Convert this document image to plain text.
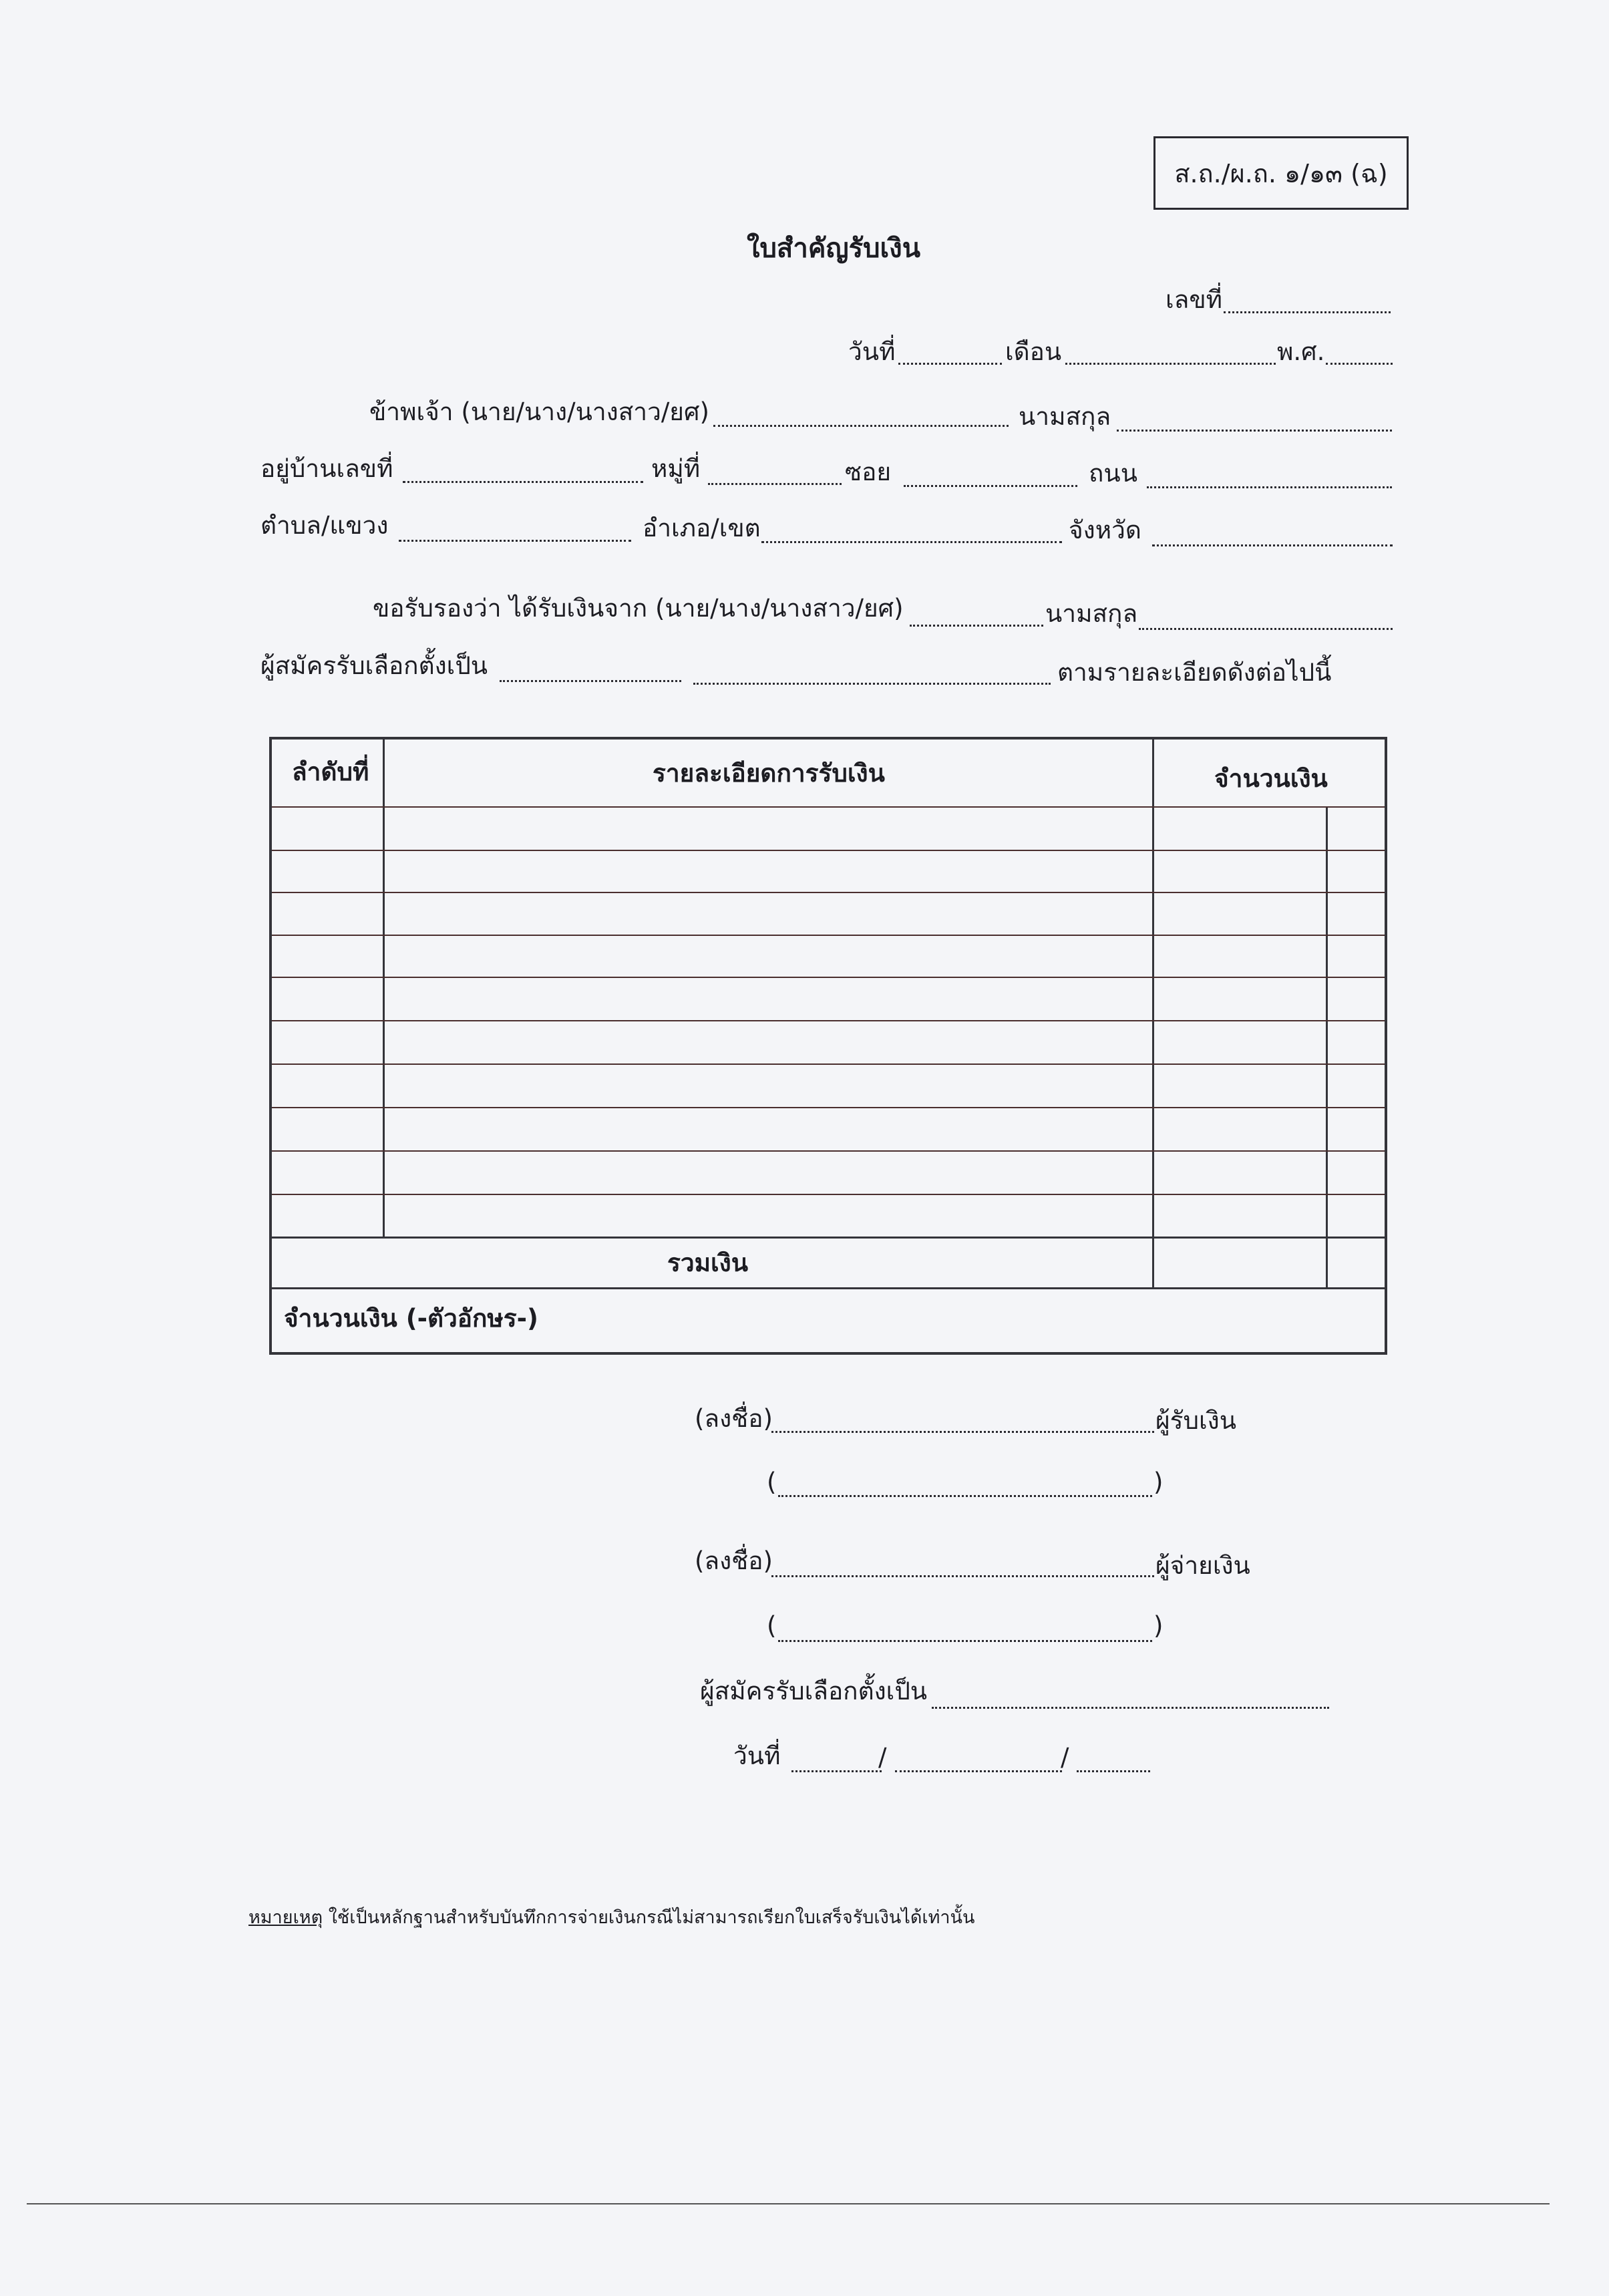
ส.ถ./ผ.ถ. ๑/๑๓ (ฉ)
ใบสำคัญรับเงิน
เลขที่
วันที่	เดือน	พ.ศ.
ข้าพเจ้า (นาย/นาง/นางสาว/ยศ)	นามสกุล
อยู่บ้านเลขที่	หมู่ที่	ซอย	ถนน
ตำบล/แขวง	อำเภอ/เขต	จังหวัด
ขอรับรองว่า ได้รับเงินจาก (นาย/นาง/นางสาว/ยศ)	นามสกุล
ผู้สมัครรับเลือกตั้งเป็น	ตามรายละเอียดดังต่อไปนี้
ลำดับที่	รายละเอียดการรับเงิน	จำนวนเงิน
รวมเงิน
จำนวนเงิน (-ตัวอักษร-)
(ลงชื่อ)	ผู้รับเงิน
(	)
(ลงชื่อ)	ผู้จ่ายเงิน
(	)
ผู้สมัครรับเลือกตั้งเป็น
วันที่	/	/
หมายเหตุ ใช้เป็นหลักฐานสำหรับบันทึกการจ่ายเงินกรณีไม่สามารถเรียกใบเสร็จรับเงินได้เท่านั้น
